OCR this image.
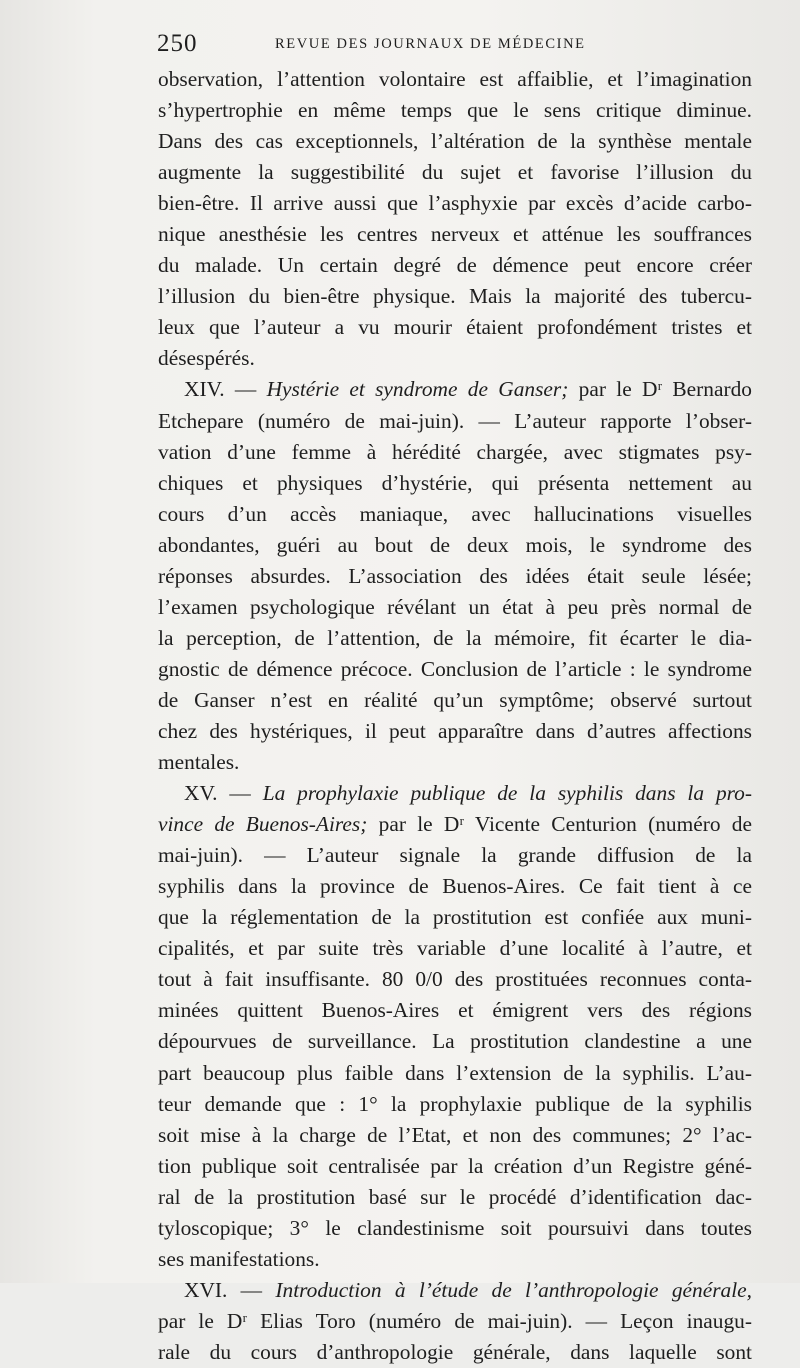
250	REVUE DES JOURNAUX DE MÉDECINE
observation, l’attention volontaire est affaiblie, et l’imagination
s’hypertrophie en même temps que le sens critique diminue.
Dans des cas exceptionnels, l’altération de la synthèse mentale
augmente la suggestibilité du sujet et favorise l’illusion du
bien-être. Il arrive aussi que l’asphyxie par excès d’acide carbo-
nique anesthésie les centres nerveux et atténue les souffrances
du malade. Un certain degré de démence peut encore créer
l’illusion du bien-être physique. Mais la majorité des tubercu-
leux que l’auteur a vu mourir étaient profondément tristes et
désespérés.
XIV. — Hystérie et syndrome de Ganser; par le Dʳ Bernardo
Etchepare (numéro de mai-juin). — L’auteur rapporte l’obser-
vation d’une femme à hérédité chargée, avec stigmates psy-
chiques et physiques d’hystérie, qui présenta nettement au
cours d’un accès maniaque, avec hallucinations visuelles
abondantes, guéri au bout de deux mois, le syndrome des
réponses absurdes. L’association des idées était seule lésée;
l’examen psychologique révélant un état à peu près normal de
la perception, de l’attention, de la mémoire, fit écarter le dia-
gnostic de démence précoce. Conclusion de l’article : le syndrome
de Ganser n’est en réalité qu’un symptôme; observé surtout
chez des hystériques, il peut apparaître dans d’autres affections
mentales.
XV. — La prophylaxie publique de la syphilis dans la pro-
vince de Buenos-Aires; par le Dʳ Vicente Centurion (numéro de
mai-juin). — L’auteur signale la grande diffusion de la
syphilis dans la province de Buenos-Aires. Ce fait tient à ce
que la réglementation de la prostitution est confiée aux muni-
cipalités, et par suite très variable d’une localité à l’autre, et
tout à fait insuffisante. 80 0/0 des prostituées reconnues conta-
minées quittent Buenos-Aires et émigrent vers des régions
dépourvues de surveillance. La prostitution clandestine a une
part beaucoup plus faible dans l’extension de la syphilis. L’au-
teur demande que : 1° la prophylaxie publique de la syphilis
soit mise à la charge de l’Etat, et non des communes; 2° l’ac-
tion publique soit centralisée par la création d’un Registre géné-
ral de la prostitution basé sur le procédé d’identification dac-
tyloscopique; 3° le clandestinisme soit poursuivi dans toutes
ses manifestations.
XVI. — Introduction à l’étude de l’anthropologie générale,
par le Dʳ Elias Toro (numéro de mai-juin). — Leçon inaugu-
rale du cours d’anthropologie générale, dans laquelle sont
